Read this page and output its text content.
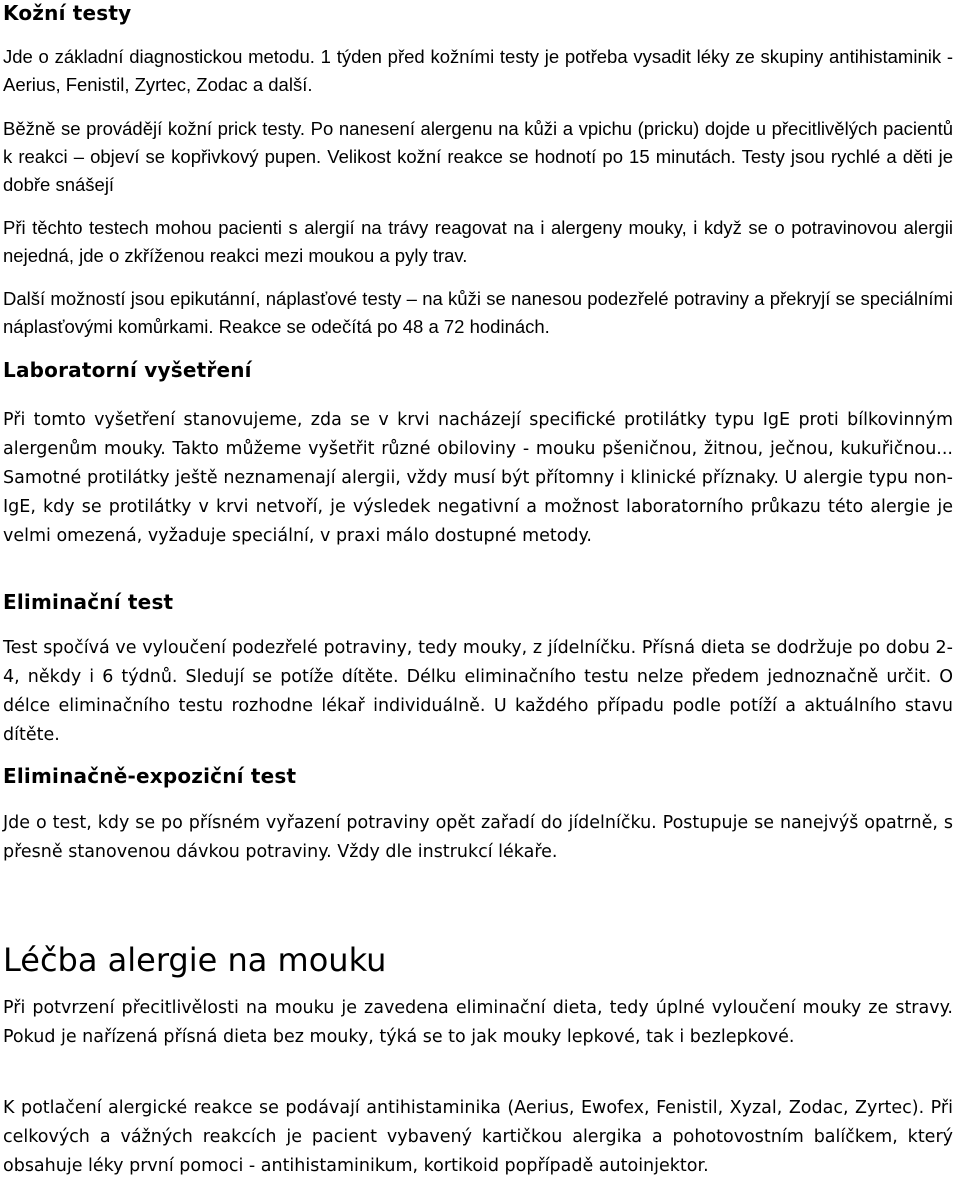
Kožní testy

Jde o základní diagnostickou metodu. 1 týden před kožními testy je potřeba vysadit léky ze skupiny antihistaminik - Aerius, Fenistil, Zyrtec, Zodac a další.

Běžně se provádějí kožní prick testy. Po nanesení alergenu na kůži a vpichu (pricku) dojde u přecitlivělých pacientů k reakci – objeví se kopřivkový pupen. Velikost kožní reakce se hodnotí po 15 minutách. Testy jsou rychlé a děti je dobře snášejí

Při těchto testech mohou pacienti s alergií na trávy reagovat na i alergeny mouky, i když se o potravinovou alergii nejedná, jde o zkříženou reakci mezi moukou a pyly trav.

Další možností jsou epikutánní, náplasťové testy – na kůži se nanesou podezřelé potraviny a překryjí se speciálními náplasťovými komůrkami. Reakce se odečítá po 48 a 72 hodinách.

Laboratorní vyšetření

Při tomto vyšetření stanovujeme, zda se v krvi nacházejí specifické protilátky typu IgE proti bílkovinným alergenům mouky. Takto můžeme vyšetřit různé obiloviny - mouku pšeničnou, žitnou, ječnou, kukuřičnou... Samotné protilátky ještě neznamenají alergii, vždy musí být přítomny i klinické příznaky. U alergie typu non-IgE, kdy se protilátky v krvi netvoří, je výsledek negativní a možnost laboratorního průkazu této alergie je velmi omezená, vyžaduje speciální, v praxi málo dostupné metody.

Eliminační test

Test spočívá ve vyloučení podezřelé potraviny, tedy mouky, z jídelníčku. Přísná dieta se dodržuje po dobu 2-4, někdy i 6 týdnů. Sledují se potíže dítěte. Délku eliminačního testu nelze předem jednoznačně určit. O délce eliminačního testu rozhodne lékař individuálně. U každého případu podle potíží a aktuálního stavu dítěte.

Eliminačně-expoziční test

Jde o test, kdy se po přísném vyřazení potraviny opět zařadí do jídelníčku. Postupuje se nanejvýš opatrně, s přesně stanovenou dávkou potraviny. Vždy dle instrukcí lékaře.

Léčba alergie na mouku

Při potvrzení přecitlivělosti na mouku je zavedena eliminační dieta, tedy úplné vyloučení mouky ze stravy. Pokud je nařízená přísná dieta bez mouky, týká se to jak mouky lepkové, tak i bezlepkové.

K potlačení alergické reakce se podávají antihistaminika (Aerius, Ewofex, Fenistil, Xyzal, Zodac, Zyrtec). Při celkových a vážných reakcích je pacient vybavený kartičkou alergika a pohotovostním balíčkem, který obsahuje léky první pomoci - antihistaminikum, kortikoid popřípadě autoinjektor.
